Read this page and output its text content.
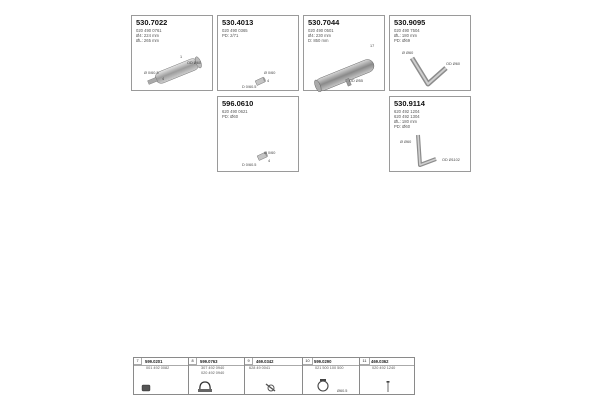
530.7022
020 490 0761
Ø4: 224 mm
ØL: 265 mm
Ø 0/60.5
OD Ø60
1
4
530.4013
020 490 0365
PD: 2/71
Ø 0/60
D 0/60.5
4
530.7044
020 490 0501
Ø4: 230 mm
D: 850 mm
OD Ø55
17
530.9095
020 490 7504
ØL: 180 mm
PD: Ø69
Ø Ø60
OD Ø60
596.0610
620 490 0621
PD: Ø60
Ø 0/60
D 0/60.5
4
530.9114
620 492 1204
620 492 1304
ØL: 180 mm
PD: Ø60
Ø Ø60
OD Ø1102
7	599.0201
001 492 0082
8	599.0763
307 492 0940
020 492 0940
9	469.0342
628 49 0041
10	599.0290
021 500 100 500
Ø60.5
11	469.0362
020 492 1240
